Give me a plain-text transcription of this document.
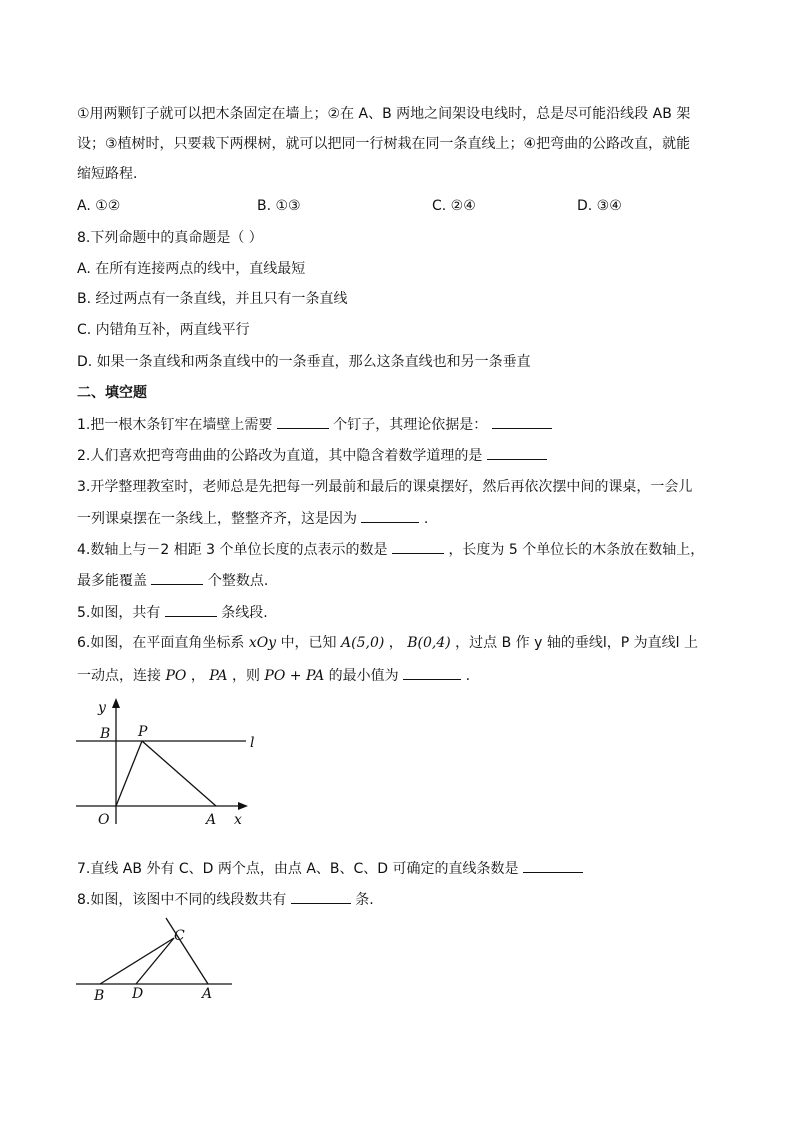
①用两颗钉子就可以把木条固定在墙上；②在 A、B 两地之间架设电线时，总是尽可能沿线段 AB 架
设；③植树时，只要栽下两棵树，就可以把同一行树栽在同一条直线上；④把弯曲的公路改直，就能
缩短路程.
A. ①②	B. ①③	C. ②④	D. ③④
8.下列命题中的真命题是（ ）
A. 在所有连接两点的线中，直线最短
B. 经过两点有一条直线，并且只有一条直线
C. 内错角互补，两直线平行
D. 如果一条直线和两条直线中的一条垂直，那么这条直线也和另一条垂直
二、填空题
1.把一根木条钉牢在墙壁上需要	个钉子，其理论依据是：
2.人们喜欢把弯弯曲曲的公路改为直道，其中隐含着数学道理的是
3.开学整理教室时，老师总是先把每一列最前和最后的课桌摆好，然后再依次摆中间的课桌，一会儿
一列课桌摆在一条线上，整整齐齐，这是因为	.
4.数轴上与－2 相距 3 个单位长度的点表示的数是	，长度为 5 个单位长的木条放在数轴上，
最多能覆盖	个整数点.
5.如图，共有	条线段.
6.如图，在平面直角坐标系 xOy 中，已知 A(5,0) ， B(0,4) ，过点 B 作 y 轴的垂线l，P 为直线l 上
一动点，连接 PO ， PA ，则 PO + PA 的最小值为	.
y
x
B P
l
O	A
7.直线 AB 外有 C、D 两个点，由点 A、B、C、D 可确定的直线条数是
8.如图，该图中不同的线段数共有	条.
C
B D	A
